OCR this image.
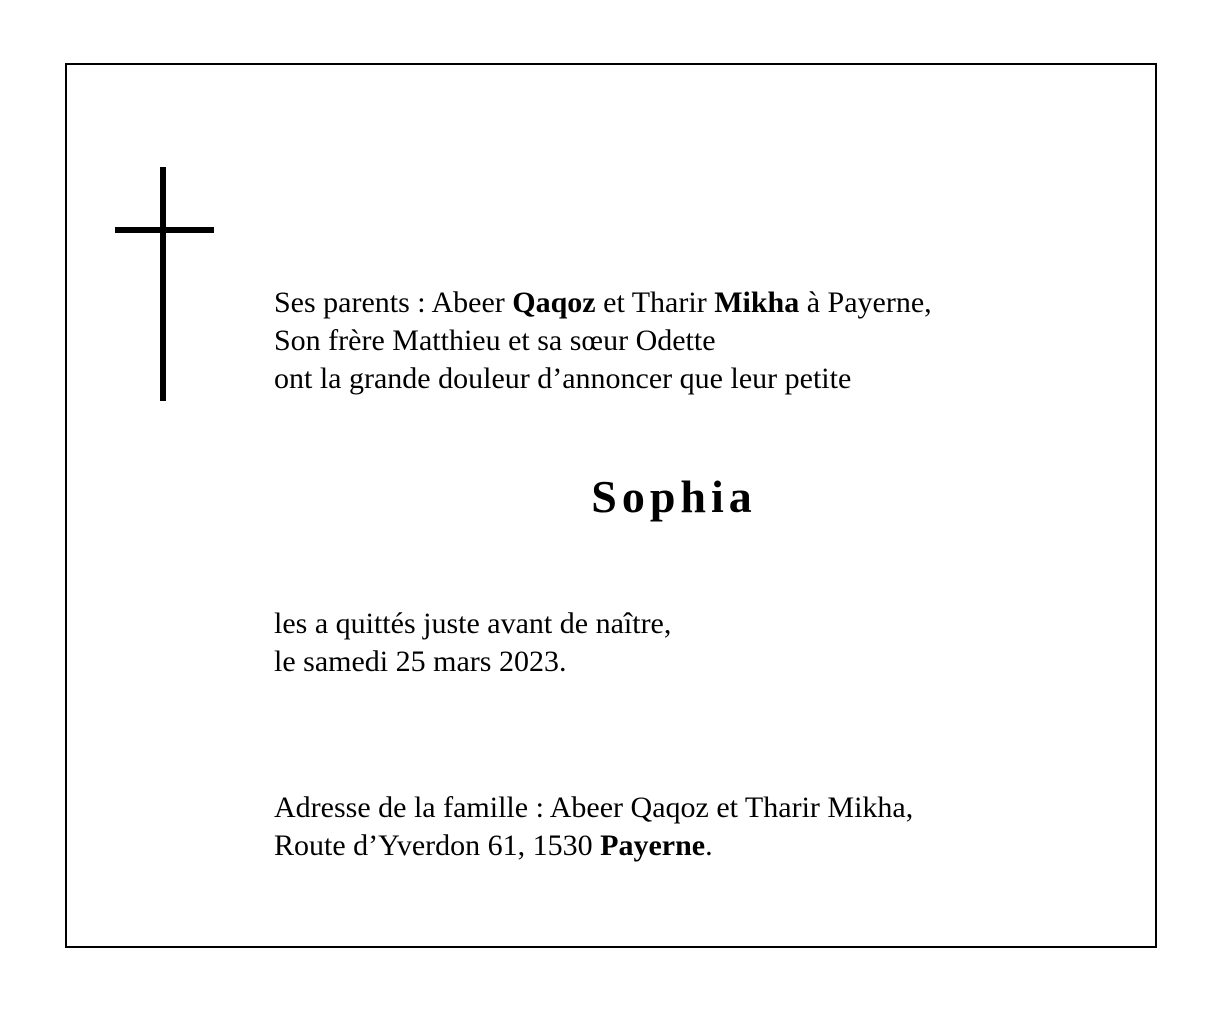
Ses parents : Abeer Qaqoz et Tharir Mikha à Payerne,
Son frère Matthieu et sa sœur Odette
ont la grande douleur d’annoncer que leur petite
Sophia
les a quittés juste avant de naître,
le samedi 25 mars 2023.
Adresse de la famille : Abeer Qaqoz et Tharir Mikha,
Route d’Yverdon 61, 1530 Payerne.
